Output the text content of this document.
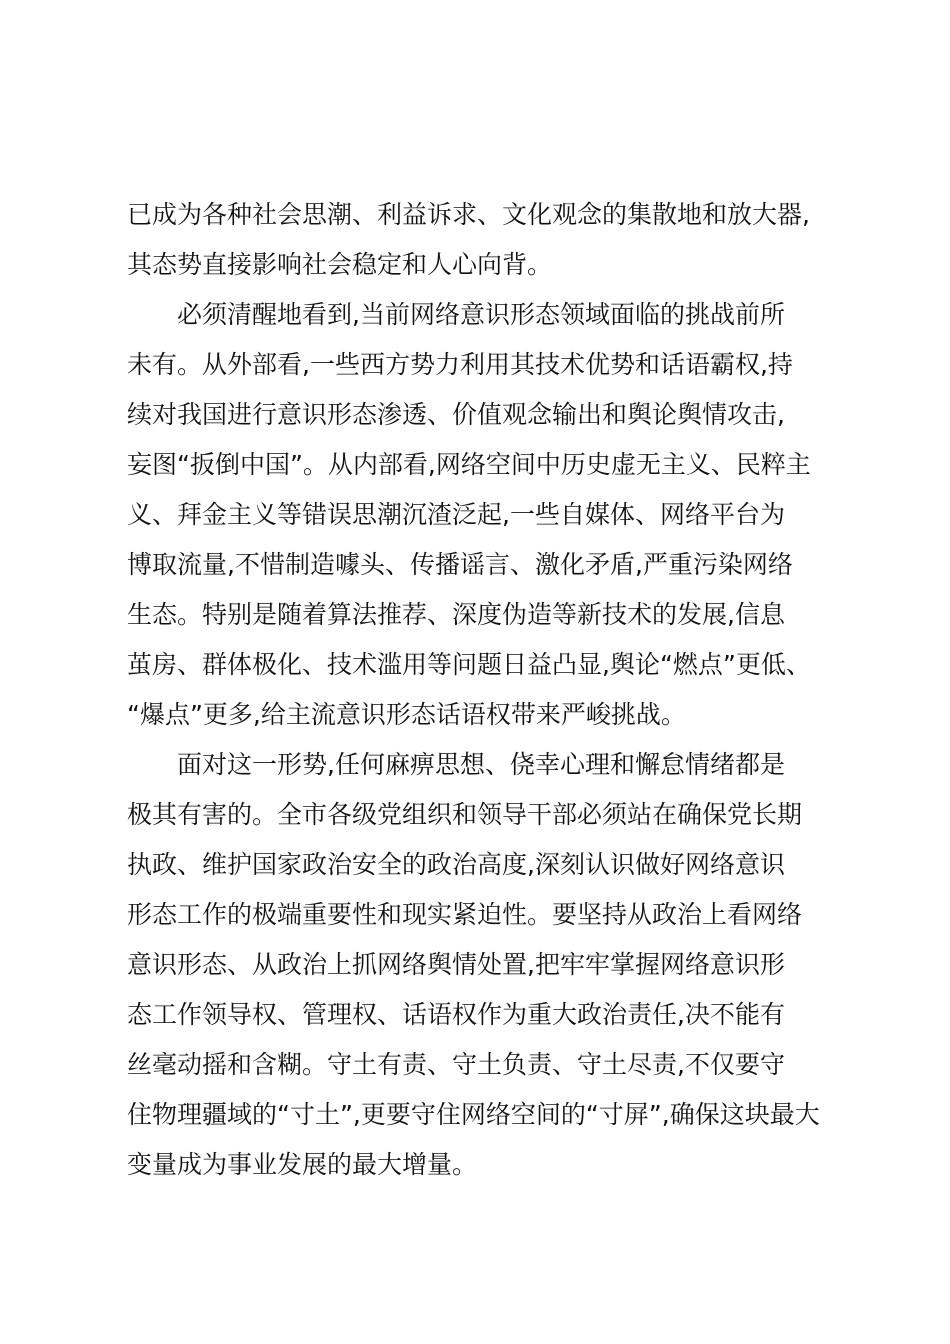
已成为各种社会思潮、利益诉求、文化观念的集散地和放大器,
其态势直接影响社会稳定和人心向背。
必须清醒地看到,当前网络意识形态领域面临的挑战前所
未有。从外部看,一些西方势力利用其技术优势和话语霸权,持
续对我国进行意识形态渗透、价值观念输出和舆论舆情攻击,
妄图“扳倒中国”。从内部看,网络空间中历史虚无主义、民粹主
义、拜金主义等错误思潮沉渣泛起,一些自媒体、网络平台为
博取流量,不惜制造噱头、传播谣言、激化矛盾,严重污染网络
生态。特别是随着算法推荐、深度伪造等新技术的发展,信息
茧房、群体极化、技术滥用等问题日益凸显,舆论“燃点”更低、
“爆点”更多,给主流意识形态话语权带来严峻挑战。
面对这一形势,任何麻痹思想、侥幸心理和懈怠情绪都是
极其有害的。全市各级党组织和领导干部必须站在确保党长期
执政、维护国家政治安全的政治高度,深刻认识做好网络意识
形态工作的极端重要性和现实紧迫性。要坚持从政治上看网络
意识形态、从政治上抓网络舆情处置,把牢牢掌握网络意识形
态工作领导权、管理权、话语权作为重大政治责任,决不能有
丝毫动摇和含糊。守土有责、守土负责、守土尽责,不仅要守
住物理疆域的“寸土”,更要守住网络空间的“寸屏”,确保这块最大
变量成为事业发展的最大增量。
